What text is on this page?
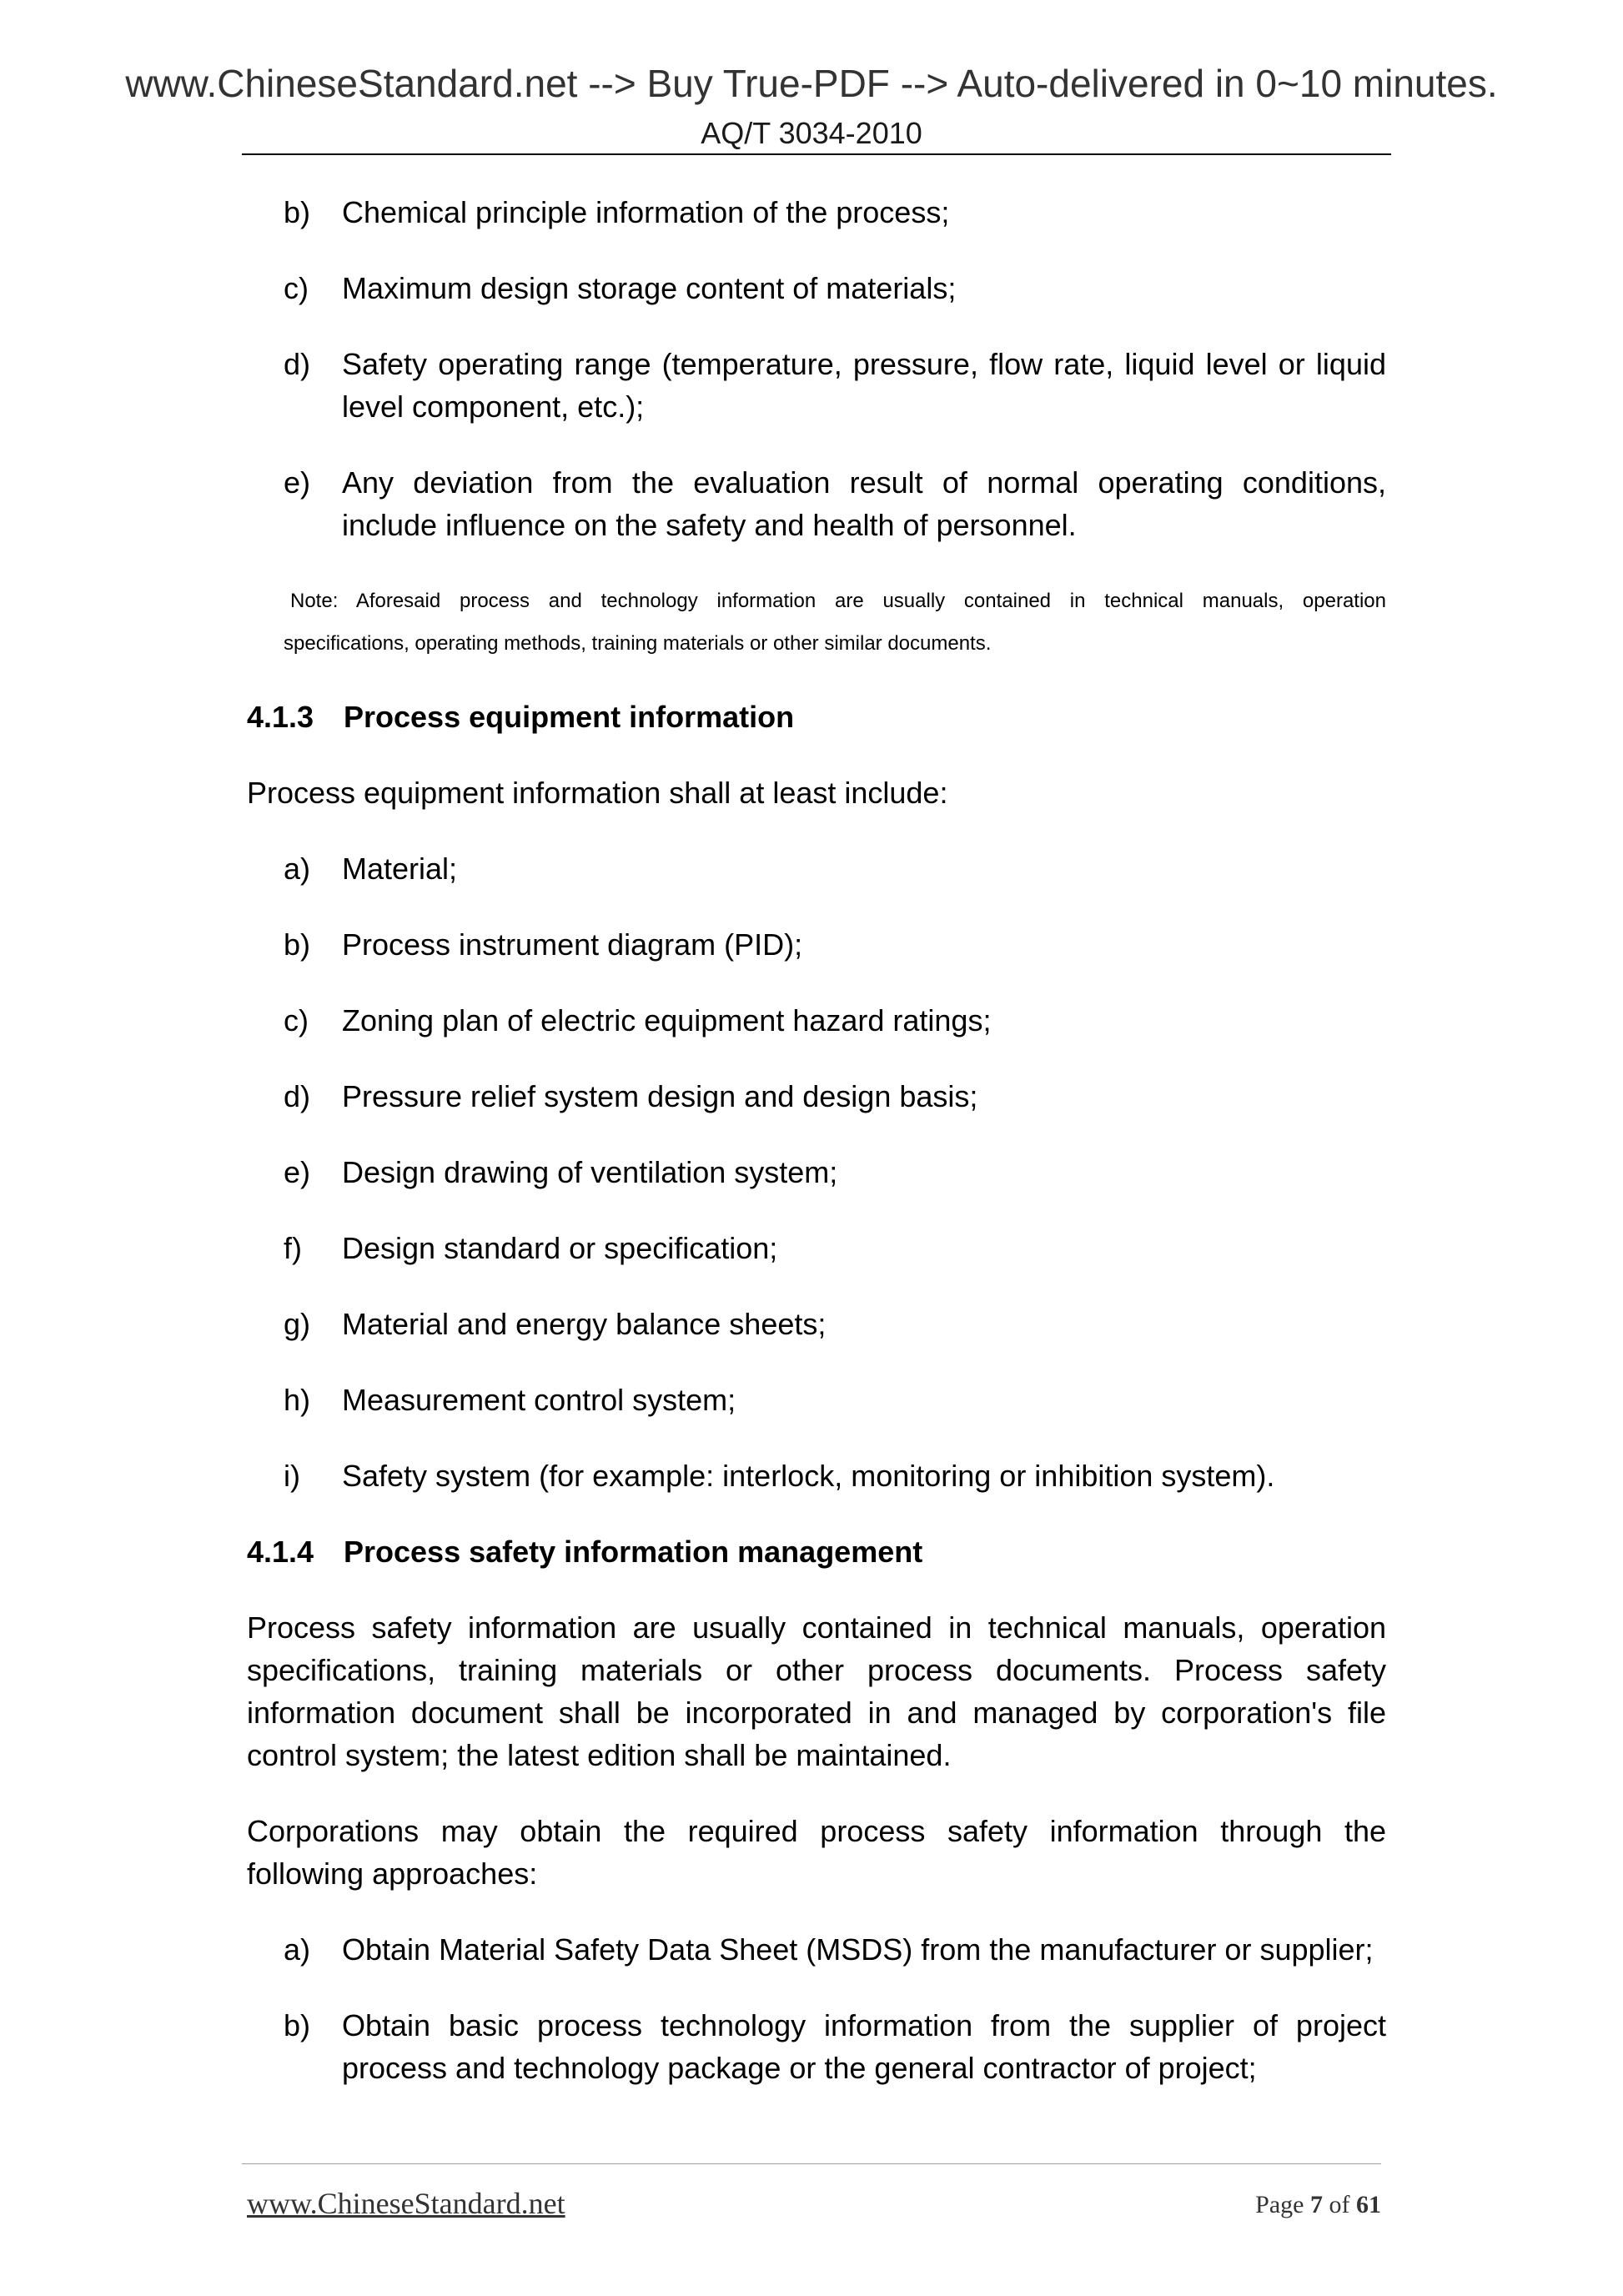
www.ChineseStandard.net --> Buy True-PDF --> Auto-delivered in 0~10 minutes.
AQ/T 3034-2010
b) Chemical principle information of the process;
c) Maximum design storage content of materials;
d) Safety operating range (temperature, pressure, flow rate, liquid level or liquid level component, etc.);
e) Any deviation from the evaluation result of normal operating conditions, include influence on the safety and health of personnel.
Note: Aforesaid process and technology information are usually contained in technical manuals, operation
specifications, operating methods, training materials or other similar documents.
4.1.3 Process equipment information
Process equipment information shall at least include:
a) Material;
b) Process instrument diagram (PID);
c) Zoning plan of electric equipment hazard ratings;
d) Pressure relief system design and design basis;
e) Design drawing of ventilation system;
f) Design standard or specification;
g) Material and energy balance sheets;
h) Measurement control system;
i) Safety system (for example: interlock, monitoring or inhibition system).
4.1.4 Process safety information management
Process safety information are usually contained in technical manuals, operation specifications, training materials or other process documents. Process safety information document shall be incorporated in and managed by corporation's file control system; the latest edition shall be maintained.
Corporations may obtain the required process safety information through the following approaches:
a) Obtain Material Safety Data Sheet (MSDS) from the manufacturer or supplier;
b) Obtain basic process technology information from the supplier of project process and technology package or the general contractor of project;
www.ChineseStandard.net	Page 7 of 61
